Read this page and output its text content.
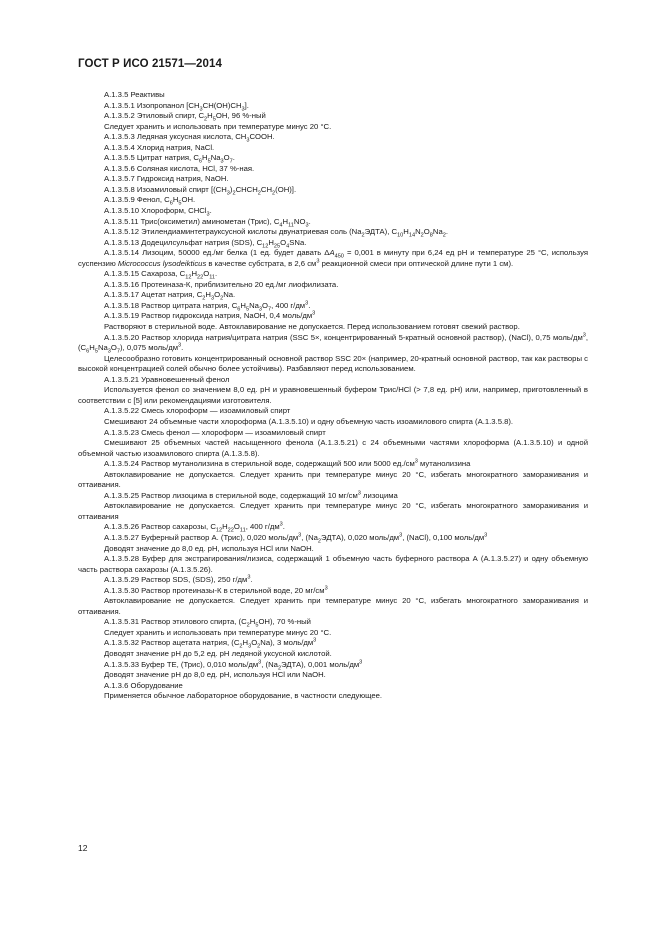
ГОСТ Р ИСО 21571—2014

А.1.3.5 Реактивы

А.1.3.5.1 Изопропанол $[CH_3CH(OH)CH_3]$.

А.1.3.5.2 Этиловый спирт, $C_2H_5OH$, 96 %-ный

Следует хранить и использовать при температуре минус 20 °С.

А.1.3.5.3 Ледяная уксусная кислота, $CH_3COOH$.

А.1.3.5.4 Хлорид натрия, NaCl.

А.1.3.5.5 Цитрат натрия, $C_6H_5Na_3O_7$.

А.1.3.5.6 Соляная кислота, HCl, 37 %-ная.

А.1.3.5.7 Гидроксид натрия, NaOH.

А.1.3.5.8 Изоамиловый спирт $[(CH_3)_2CHCH_2CH_2(OH)]$.

А.1.3.5.9 Фенол, $C_6H_5OH$.

А.1.3.5.10 Хлороформ, CHCl$_3$.

А.1.3.5.11 Трис(оксиметил) аминометан (Трис), $C_4H_{11}NO_3$.

А.1.3.5.12 Этилендиаминтетрауксусной кислоты двунатриевая соль $(Na_2ЭДТА)$, $C_{10}H_{14}N_2O_8Na_2$.

А.1.3.5.13 Додецилсульфат натрия (SDS), $C_{12}H_{25}O_4SNa$.

А.1.3.5.14 Лизоцим, 50000 ед./мг белка (1 ед. будет давать $\Delta A_{450} = 0,001$ в минуту при 6,24 ед pH и температуре 25 °С, используя суспензию Micrococcus lysodeikticus в качестве субстрата, в 2,6 $см^3$ реакционной смеси при оптической длине пути 1 см).

А.1.3.5.15 Сахароза, $C_{12}H_{22}O_{11}$.

А.1.3.5.16 Протеиназа-К, приблизительно 20 ед./мг лиофилизата.

А.1.3.5.17 Ацетат натрия, $C_2H_3O_2Na$.

А.1.3.5.18 Раствор цитрата натрия, $C_6H_5Na_3O_7$, 400 $г/дм^3$.

А.1.3.5.19 Раствор гидроксида натрия, NaOH, 0,4 моль/$дм^3$

Растворяют в стерильной воде. Автоклавирование не допускается. Перед использованием готовят свежий раствор.

А.1.3.5.20 Раствор хлорида натрия/цитрата натрия (SSC 5×, концентрированный 5-кратный основной раствор), (NaCl), 0,75 моль/$дм^3$, $(C_6H_5Na_3O_7)$, 0,075 моль/$дм^3$.

Целесообразно готовить концентрированный основной раствор SSC 20× (например, 20-кратный основной раствор, так как растворы с высокой концентрацией солей обычно более устойчивы). Разбавляют перед использованием.

А.1.3.5.21 Уравновешенный фенол

Используется фенол со значением 8,0 ед. pH и уравновешенный буфером Трис/HCl (> 7,8 ед. pH) или, например, приготовленный в соответствии с [5] или рекомендациями изготовителя.

А.1.3.5.22 Смесь хлороформ — изоамиловый спирт

Смешивают 24 объемные части хлороформа (А.1.3.5.10) и одну объемную часть изоамилового спирта (А.1.3.5.8).

А.1.3.5.23 Смесь фенол — хлороформ — изоамиловый спирт

Смешивают 25 объемных частей насыщенного фенола (А.1.3.5.21) с 24 объемными частями хлороформа (А.1.3.5.10) и одной объемной частью изоамилового спирта (А.1.3.5.8).

А.1.3.5.24 Раствор мутанолизина в стерильной воде, содержащий 500 или 5000 $ед./см^3$ мутанолизина

Автоклавирование не допускается. Следует хранить при температуре минус 20 °С, избегать многократного замораживания и оттаивания.

А.1.3.5.25 Раствор лизоцима в стерильной воде, содержащий 10 $мг/см^3$ лизоцима

Автоклавирование не допускается. Следует хранить при температуре минус 20 °С, избегать многократного замораживания и оттаивания

А.1.3.5.26 Раствор сахарозы, $C_{12}H_{22}O_{11}$, 400 $г/дм^3$.

А.1.3.5.27 Буферный раствор А. (Трис), 0,020 моль/$дм^3$, $(Na_2ЭДТА)$, 0,020 моль/$дм^3$, (NaCl), 0,100 моль/$дм^3$

Доводят значение до 8,0 ед. pH, используя HCl или NaOH.

А.1.3.5.28 Буфер для экстрагирования/лизиса, содержащий 1 объемную часть буферного раствора А (А.1.3.5.27) и одну объемную часть раствора сахарозы (А.1.3.5.26).

А.1.3.5.29 Раствор SDS, (SDS), 250 $г/дм^3$.

А.1.3.5.30 Раствор протеиназы-К в стерильной воде, 20 $мг/см^3$

Автоклавирование не допускается. Следует хранить при температуре минус 20 °С, избегать многократного замораживания и оттаивания.

А.1.3.5.31 Раствор этилового спирта, $(C_2H_5OH)$, 70 %-ный

Следует хранить и использовать при температуре минус 20 °С.

А.1.3.5.32 Раствор ацетата натрия, $(C_2H_3O_2Na)$, 3 моль/$дм^3$

Доводят значение pH до 5,2 ед. pH ледяной уксусной кислотой.

А.1.3.5.33 Буфер ТЕ, (Трис), 0,010 моль/$дм^3$, $(Na_2ЭДТА)$, 0,001 моль/$дм^3$

Доводят значение pH до 8,0 ед. pH, используя HCl или NaOH.

А.1.3.6 Оборудование

Применяется обычное лабораторное оборудование, в частности следующее.

12
